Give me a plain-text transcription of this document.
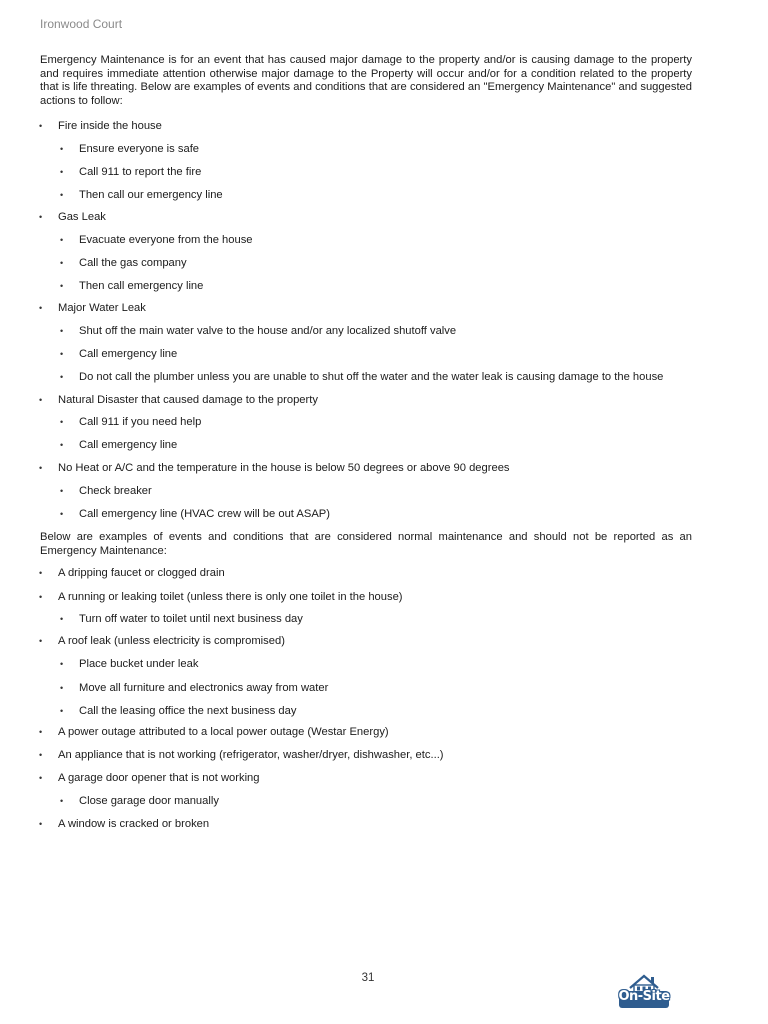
Ironwood Court
Emergency Maintenance is for an event that has caused major damage to the property and/or is causing damage to the property and requires immediate attention otherwise major damage to the Property will occur and/or for a condition related to the property that is life threating. Below are examples of events and conditions that are considered an "Emergency Maintenance" and suggested actions to follow:
• Fire inside the house
• Ensure everyone is safe
• Call 911 to report the fire
• Then call our emergency line
• Gas Leak
• Evacuate everyone from the house
• Call the gas company
• Then call emergency line
• Major Water Leak
• Shut off the main water valve to the house and/or any localized shutoff valve
• Call emergency line
• Do not call the plumber unless you are unable to shut off the water and the water leak is causing damage to the house
• Natural Disaster that caused damage to the property
• Call 911 if you need help
• Call emergency line
• No Heat or A/C and the temperature in the house is below 50 degrees or above 90 degrees
• Check breaker
• Call emergency line (HVAC crew will be out ASAP)
Below are examples of events and conditions that are considered normal maintenance and should not be reported as an Emergency Maintenance:
• A dripping faucet or clogged drain
• A running or leaking toilet (unless there is only one toilet in the house)
• Turn off water to toilet until next business day
• A roof leak (unless electricity is compromised)
• Place bucket under leak
• Move all furniture and electronics away from water
• Call the leasing office the next business day
• A power outage attributed to a local power outage (Westar Energy)
• An appliance that is not working (refrigerator, washer/dryer, dishwasher, etc...)
• A garage door opener that is not working
• Close garage door manually
• A window is cracked or broken
31
On-Site
